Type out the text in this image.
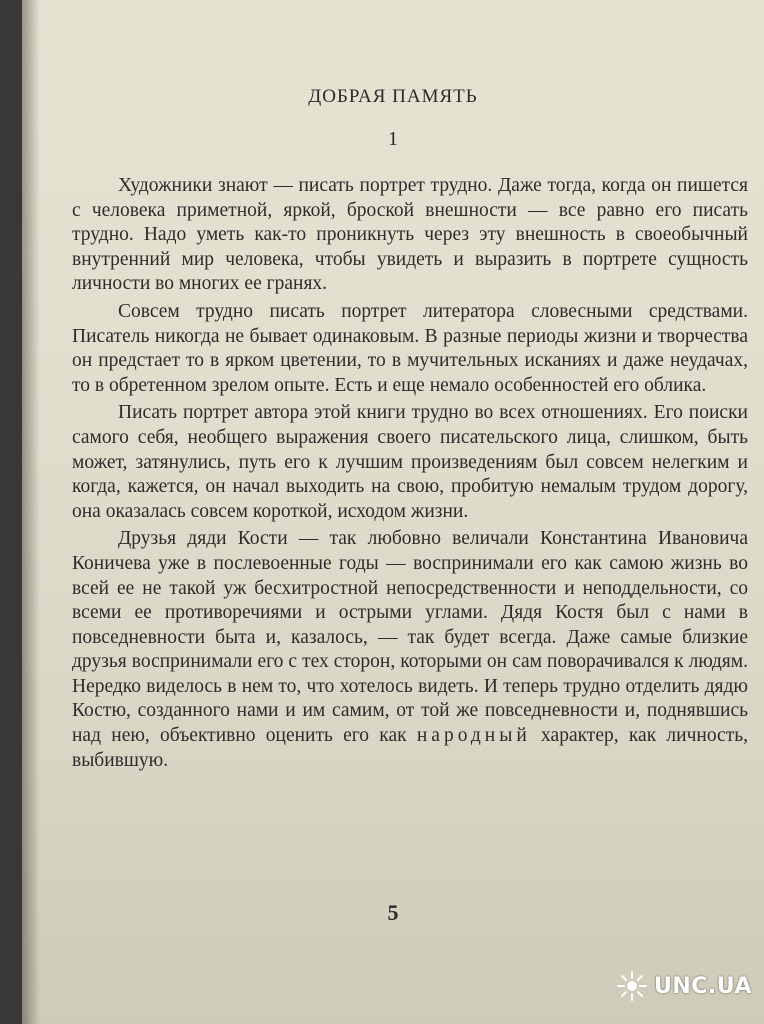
ДОБРАЯ ПАМЯТЬ
1

Художники знают — писать портрет трудно. Даже тогда, когда он пишется с человека приметной, яркой, броской внешности — все равно его писать трудно. Надо уметь как-то проникнуть через эту внешность в своеобычный внутренний мир человека, чтобы увидеть и выразить в портрете сущность личности во многих ее гранях.

Совсем трудно писать портрет литератора словесными средствами. Писатель никогда не бывает одинаковым. В разные периоды жизни и творчества он предстает то в ярком цветении, то в мучительных исканиях и даже неудачах, то в обретенном зрелом опыте. Есть и еще немало особенностей его облика.

Писать портрет автора этой книги трудно во всех отношениях. Его поиски самого себя, необщего выражения своего писательского лица, слишком, быть может, затянулись, путь его к лучшим произведениям был совсем нелегким и когда, кажется, он начал выходить на свою, пробитую немалым трудом дорогу, она оказалась совсем короткой, исходом жизни.

Друзья дяди Кости — так любовно величали Константина Ивановича Коничева уже в послевоенные годы — воспринимали его как самою жизнь во всей ее не такой уж бесхитростной непосредственности и неподдельности, со всеми ее противоречиями и острыми углами. Дядя Костя был с нами в повседневности быта и, казалось, — так будет всегда. Даже самые близкие друзья воспринимали его с тех сторон, которыми он сам поворачивался к людям. Нередко виделось в нем то, что хотелось видеть. И теперь трудно отделить дядю Костю, созданного нами и им самим, от той же повседневности и, поднявшись над нею, объективно оценить его как народный характер, как личность, выбившую.

5
UNC.UA
